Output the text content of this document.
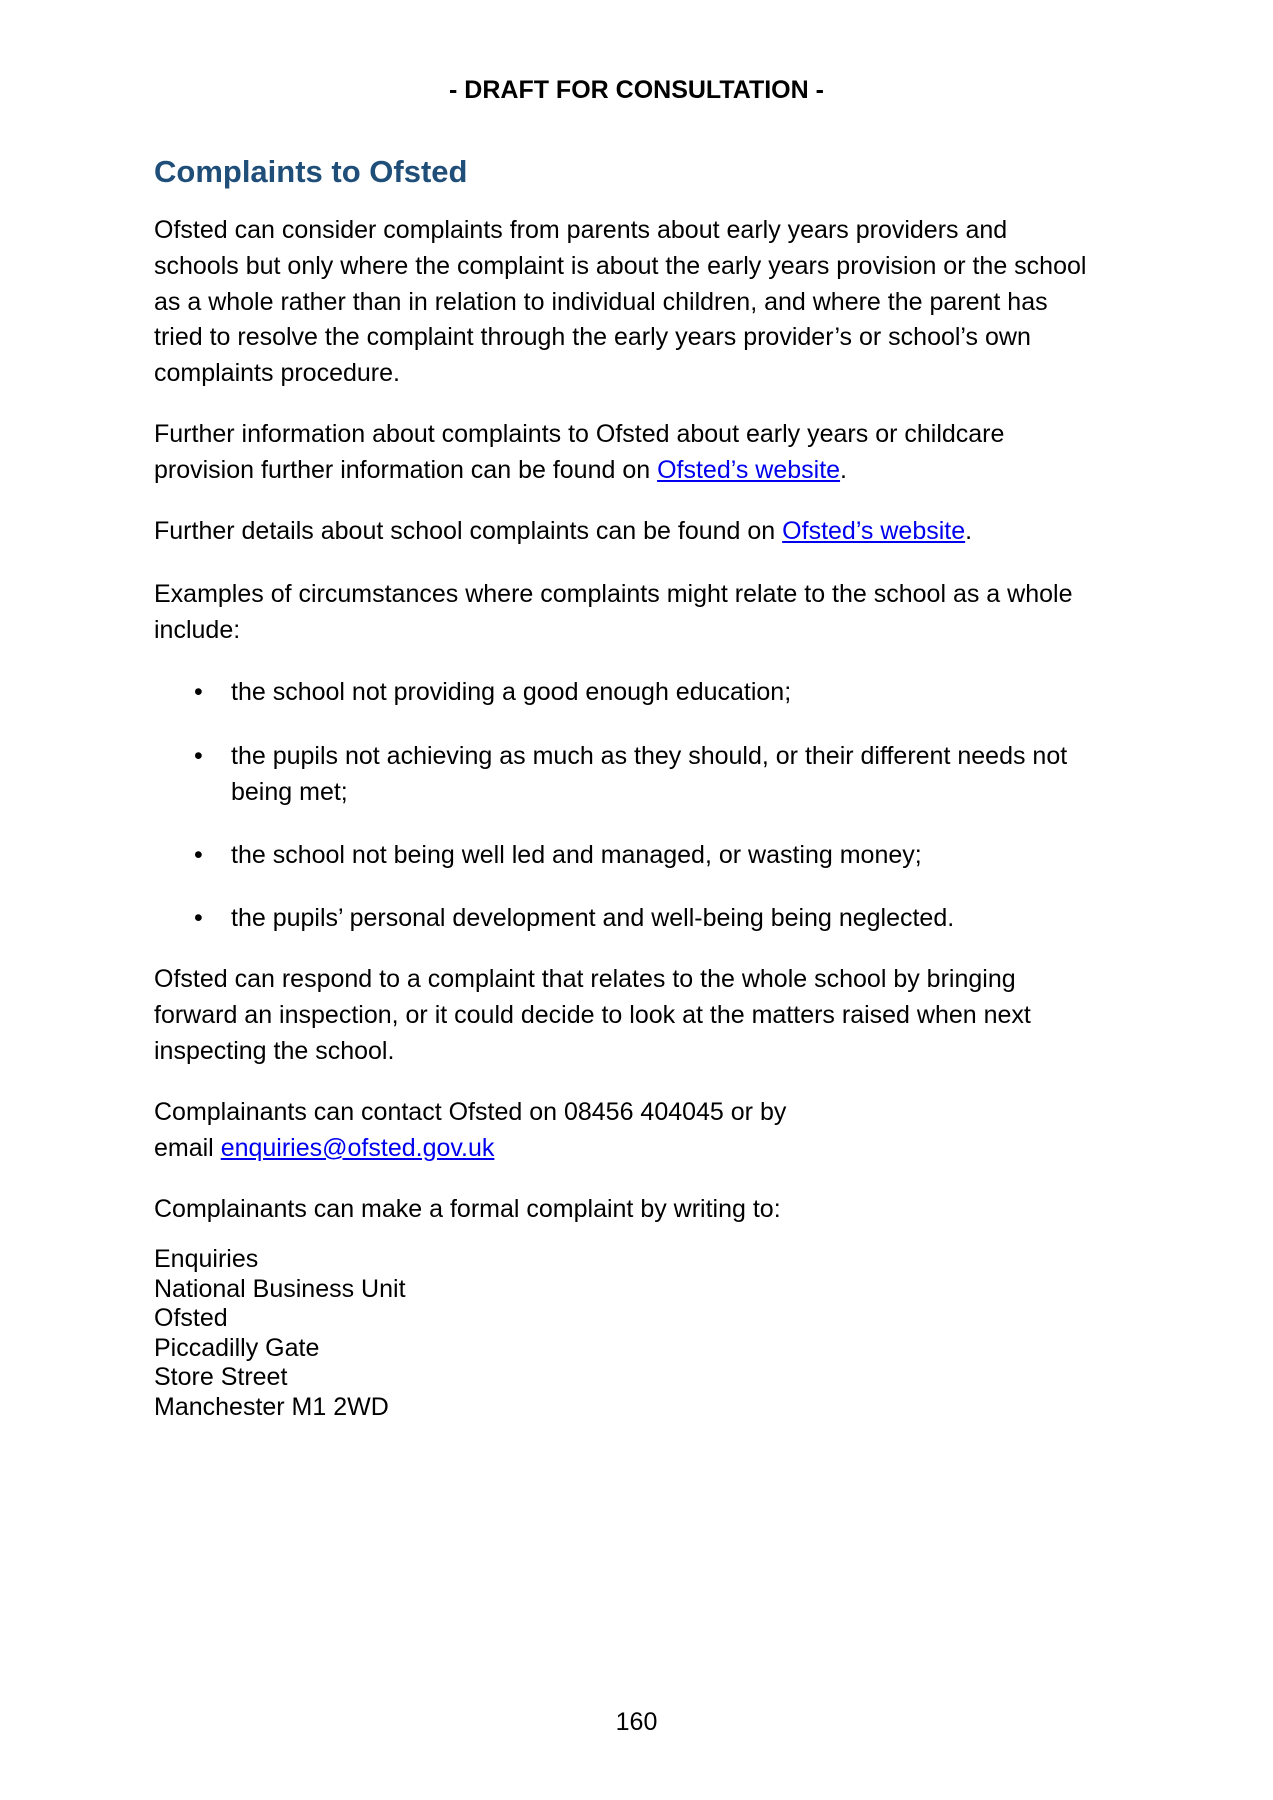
- DRAFT FOR CONSULTATION -
Complaints to Ofsted
Ofsted can consider complaints from parents about early years providers and
schools but only where the complaint is about the early years provision or the school
as a whole rather than in relation to individual children, and where the parent has
tried to resolve the complaint through the early years provider’s or school’s own
complaints procedure.
Further information about complaints to Ofsted about early years or childcare
provision further information can be found on Ofsted’s website.
Further details about school complaints can be found on Ofsted’s website.
Examples of circumstances where complaints might relate to the school as a whole
include:
• the school not providing a good enough education;
• the pupils not achieving as much as they should, or their different needs not
being met;
• the school not being well led and managed, or wasting money;
• the pupils’ personal development and well-being being neglected.
Ofsted can respond to a complaint that relates to the whole school by bringing
forward an inspection, or it could decide to look at the matters raised when next
inspecting the school.
Complainants can contact Ofsted on 08456 404045 or by
email enquiries@ofsted.gov.uk
Complainants can make a formal complaint by writing to:
Enquiries
National Business Unit
Ofsted
Piccadilly Gate
Store Street
Manchester M1 2WD
160
